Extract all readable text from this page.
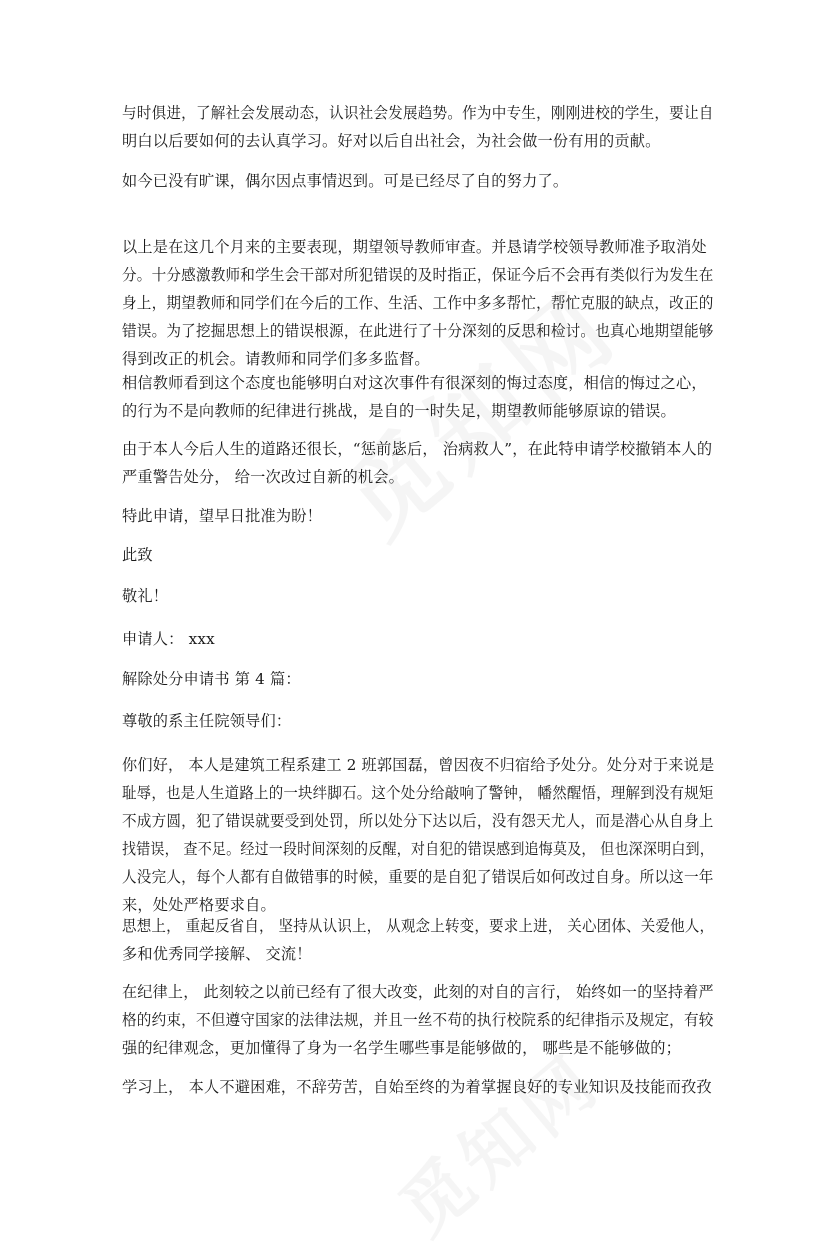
与时俱进，了解社会发展动态，认识社会发展趋势。作为中专生，刚刚进校的学生，要让自
明白以后要如何的去认真学习。好对以后自出社会，为社会做一份有用的贡献。
如今已没有旷课，偶尔因点事情迟到。可是已经尽了自的努力了。
以上是在这几个月来的主要表现，期望领导教师审查。并恳请学校领导教师准予取消处
分。十分感激教师和学生会干部对所犯错误的及时指正，保证今后不会再有类似行为发生在
身上，期望教师和同学们在今后的工作、生活、工作中多多帮忙，帮忙克服的缺点，改正的
错误。为了挖掘思想上的错误根源，在此进行了十分深刻的反思和检讨。也真心地期望能够
得到改正的机会。请教师和同学们多多监督。
相信教师看到这个态度也能够明白对这次事件有很深刻的悔过态度，相信的悔过之心，
的行为不是向教师的纪律进行挑战，是自的一时失足，期望教师能够原谅的错误。
由于本人今后人生的道路还很长，“惩前毖后， 治病救人”，在此特申请学校撤销本人的
严重警告处分， 给一次改过自新的机会。
特此申请，望早日批准为盼！
此致
敬礼！
申请人： xxx
解除处分申请书 第 4 篇：
尊敬的系主任院领导们：
你们好， 本人是建筑工程系建工 2 班郭国磊，曾因夜不归宿给予处分。处分对于来说是
耻辱，也是人生道路上的一块绊脚石。这个处分给敲响了警钟， 幡然醒悟，理解到没有规矩
不成方圆，犯了错误就要受到处罚，所以处分下达以后，没有怨天尤人，而是潜心从自身上
找错误， 查不足。经过一段时间深刻的反醒，对自犯的错误感到追悔莫及， 但也深深明白到，
人没完人，每个人都有自做错事的时候，重要的是自犯了错误后如何改过自身。所以这一年
来，处处严格要求自。
思想上， 重起反省自， 坚持从认识上， 从观念上转变，要求上进， 关心团体、关爱他人，
多和优秀同学接解、 交流！
在纪律上， 此刻较之以前已经有了很大改变，此刻的对自的言行， 始终如一的坚持着严
格的约束，不但遵守国家的法律法规，并且一丝不苟的执行校院系的纪律指示及规定，有较
强的纪律观念，更加懂得了身为一名学生哪些事是能够做的， 哪些是不能够做的；
学习上， 本人不避困难，不辞劳苦，自始至终的为着掌握良好的专业知识及技能而孜孜
